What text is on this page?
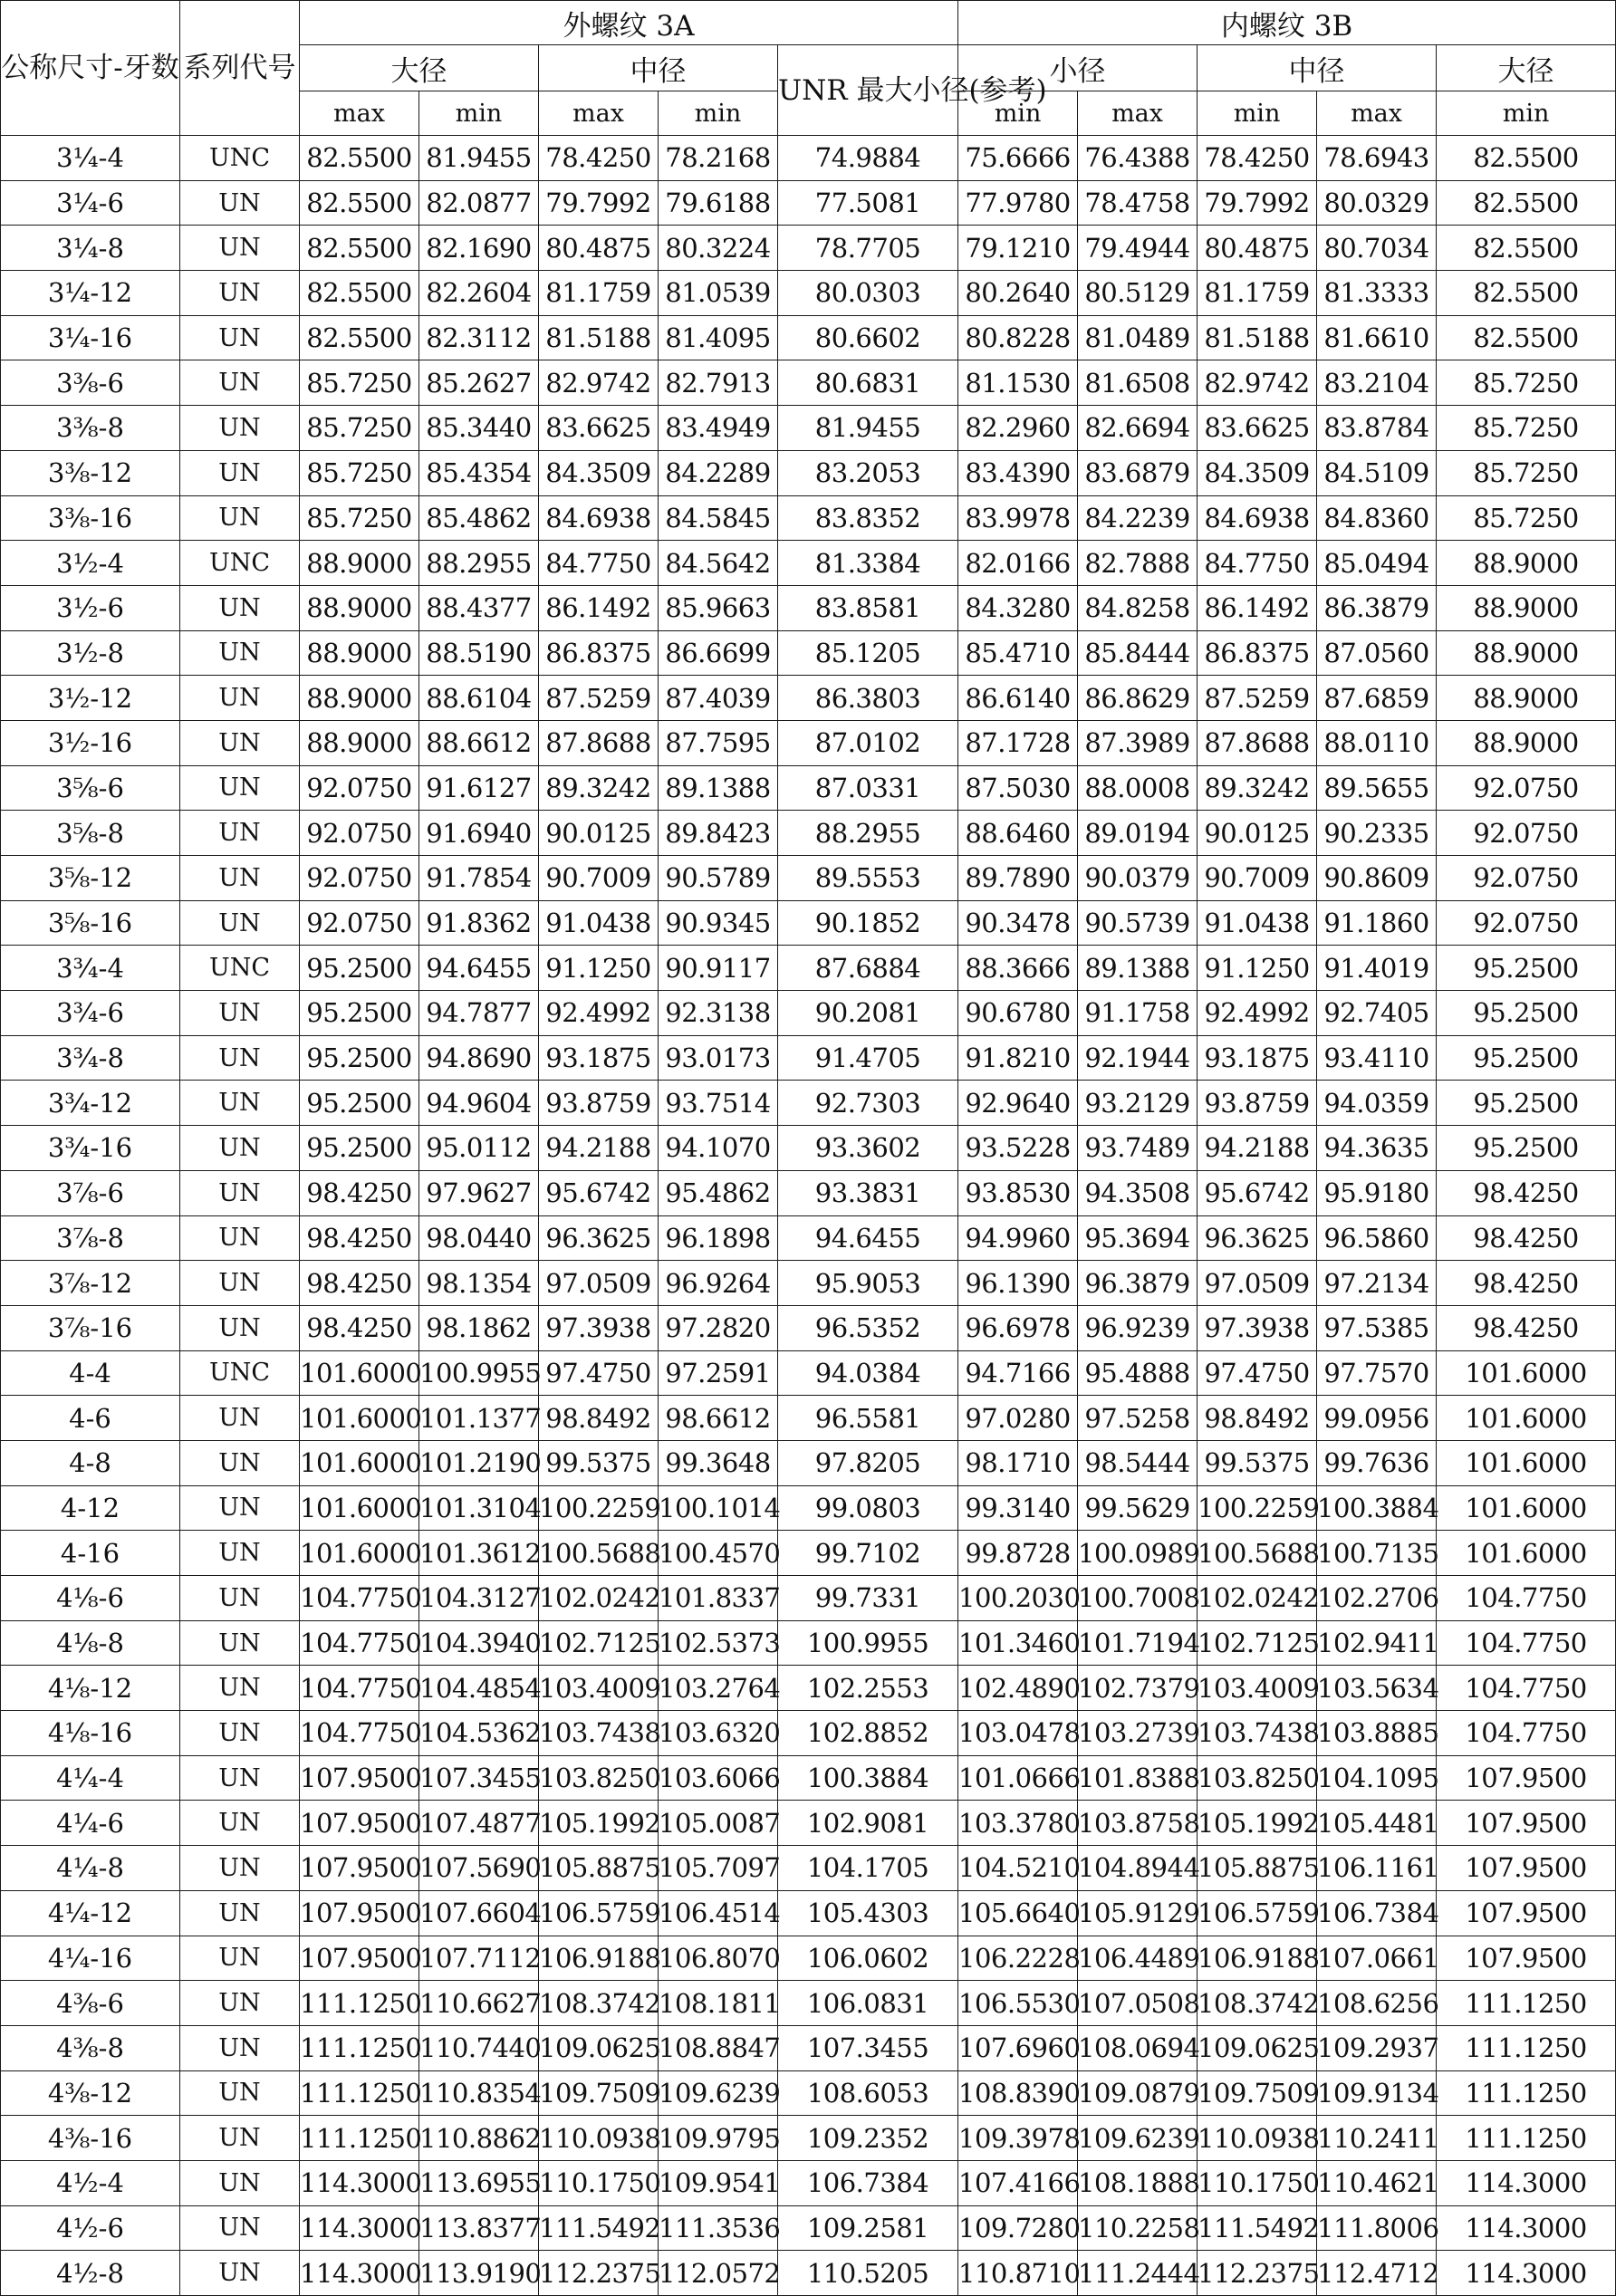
公称尺寸-牙数	系列代号	外螺纹 3A					内螺纹 3B				
		大径		中径		UNR 最大小径(参考)	小径		中径		大径
		max	min	max	min		min	max	min	max	min
3¼-4	UNC	82.5500	81.9455	78.4250	78.2168	74.9884	75.6666	76.4388	78.4250	78.6943	82.5500
3¼-6	UN	82.5500	82.0877	79.7992	79.6188	77.5081	77.9780	78.4758	79.7992	80.0329	82.5500
3¼-8	UN	82.5500	82.1690	80.4875	80.3224	78.7705	79.1210	79.4944	80.4875	80.7034	82.5500
3¼-12	UN	82.5500	82.2604	81.1759	81.0539	80.0303	80.2640	80.5129	81.1759	81.3333	82.5500
3¼-16	UN	82.5500	82.3112	81.5188	81.4095	80.6602	80.8228	81.0489	81.5188	81.6610	82.5500
3⅜-6	UN	85.7250	85.2627	82.9742	82.7913	80.6831	81.1530	81.6508	82.9742	83.2104	85.7250
3⅜-8	UN	85.7250	85.3440	83.6625	83.4949	81.9455	82.2960	82.6694	83.6625	83.8784	85.7250
3⅜-12	UN	85.7250	85.4354	84.3509	84.2289	83.2053	83.4390	83.6879	84.3509	84.5109	85.7250
3⅜-16	UN	85.7250	85.4862	84.6938	84.5845	83.8352	83.9978	84.2239	84.6938	84.8360	85.7250
3½-4	UNC	88.9000	88.2955	84.7750	84.5642	81.3384	82.0166	82.7888	84.7750	85.0494	88.9000
3½-6	UN	88.9000	88.4377	86.1492	85.9663	83.8581	84.3280	84.8258	86.1492	86.3879	88.9000
3½-8	UN	88.9000	88.5190	86.8375	86.6699	85.1205	85.4710	85.8444	86.8375	87.0560	88.9000
3½-12	UN	88.9000	88.6104	87.5259	87.4039	86.3803	86.6140	86.8629	87.5259	87.6859	88.9000
3½-16	UN	88.9000	88.6612	87.8688	87.7595	87.0102	87.1728	87.3989	87.8688	88.0110	88.9000
3⅝-6	UN	92.0750	91.6127	89.3242	89.1388	87.0331	87.5030	88.0008	89.3242	89.5655	92.0750
3⅝-8	UN	92.0750	91.6940	90.0125	89.8423	88.2955	88.6460	89.0194	90.0125	90.2335	92.0750
3⅝-12	UN	92.0750	91.7854	90.7009	90.5789	89.5553	89.7890	90.0379	90.7009	90.8609	92.0750
3⅝-16	UN	92.0750	91.8362	91.0438	90.9345	90.1852	90.3478	90.5739	91.0438	91.1860	92.0750
3¾-4	UNC	95.2500	94.6455	91.1250	90.9117	87.6884	88.3666	89.1388	91.1250	91.4019	95.2500
3¾-6	UN	95.2500	94.7877	92.4992	92.3138	90.2081	90.6780	91.1758	92.4992	92.7405	95.2500
3¾-8	UN	95.2500	94.8690	93.1875	93.0173	91.4705	91.8210	92.1944	93.1875	93.4110	95.2500
3¾-12	UN	95.2500	94.9604	93.8759	93.7514	92.7303	92.9640	93.2129	93.8759	94.0359	95.2500
3¾-16	UN	95.2500	95.0112	94.2188	94.1070	93.3602	93.5228	93.7489	94.2188	94.3635	95.2500
3⅞-6	UN	98.4250	97.9627	95.6742	95.4862	93.3831	93.8530	94.3508	95.6742	95.9180	98.4250
3⅞-8	UN	98.4250	98.0440	96.3625	96.1898	94.6455	94.9960	95.3694	96.3625	96.5860	98.4250
3⅞-12	UN	98.4250	98.1354	97.0509	96.9264	95.9053	96.1390	96.3879	97.0509	97.2134	98.4250
3⅞-16	UN	98.4250	98.1862	97.3938	97.2820	96.5352	96.6978	96.9239	97.3938	97.5385	98.4250
4-4	UNC	101.6000	100.9955	97.4750	97.2591	94.0384	94.7166	95.4888	97.4750	97.7570	101.6000
4-6	UN	101.6000	101.1377	98.8492	98.6612	96.5581	97.0280	97.5258	98.8492	99.0956	101.6000
4-8	UN	101.6000	101.2190	99.5375	99.3648	97.8205	98.1710	98.5444	99.5375	99.7636	101.6000
4-12	UN	101.6000	101.3104	100.2259	100.1014	99.0803	99.3140	99.5629	100.2259	100.3884	101.6000
4-16	UN	101.6000	101.3612	100.5688	100.4570	99.7102	99.8728	100.0989	100.5688	100.7135	101.6000
4⅛-6	UN	104.7750	104.3127	102.0242	101.8337	99.7331	100.2030	100.7008	102.0242	102.2706	104.7750
4⅛-8	UN	104.7750	104.3940	102.7125	102.5373	100.9955	101.3460	101.7194	102.7125	102.9411	104.7750
4⅛-12	UN	104.7750	104.4854	103.4009	103.2764	102.2553	102.4890	102.7379	103.4009	103.5634	104.7750
4⅛-16	UN	104.7750	104.5362	103.7438	103.6320	102.8852	103.0478	103.2739	103.7438	103.8885	104.7750
4¼-4	UN	107.9500	107.3455	103.8250	103.6066	100.3884	101.0666	101.8388	103.8250	104.1095	107.9500
4¼-6	UN	107.9500	107.4877	105.1992	105.0087	102.9081	103.3780	103.8758	105.1992	105.4481	107.9500
4¼-8	UN	107.9500	107.5690	105.8875	105.7097	104.1705	104.5210	104.8944	105.8875	106.1161	107.9500
4¼-12	UN	107.9500	107.6604	106.5759	106.4514	105.4303	105.6640	105.9129	106.5759	106.7384	107.9500
4¼-16	UN	107.9500	107.7112	106.9188	106.8070	106.0602	106.2228	106.4489	106.9188	107.0661	107.9500
4⅜-6	UN	111.1250	110.6627	108.3742	108.1811	106.0831	106.5530	107.0508	108.3742	108.6256	111.1250
4⅜-8	UN	111.1250	110.7440	109.0625	108.8847	107.3455	107.6960	108.0694	109.0625	109.2937	111.1250
4⅜-12	UN	111.1250	110.8354	109.7509	109.6239	108.6053	108.8390	109.0879	109.7509	109.9134	111.1250
4⅜-16	UN	111.1250	110.8862	110.0938	109.9795	109.2352	109.3978	109.6239	110.0938	110.2411	111.1250
4½-4	UN	114.3000	113.6955	110.1750	109.9541	106.7384	107.4166	108.1888	110.1750	110.4621	114.3000
4½-6	UN	114.3000	113.8377	111.5492	111.3536	109.2581	109.7280	110.2258	111.5492	111.8006	114.3000
4½-8	UN	114.3000	113.9190	112.2375	112.0572	110.5205	110.8710	111.2444	112.2375	112.4712	114.3000
